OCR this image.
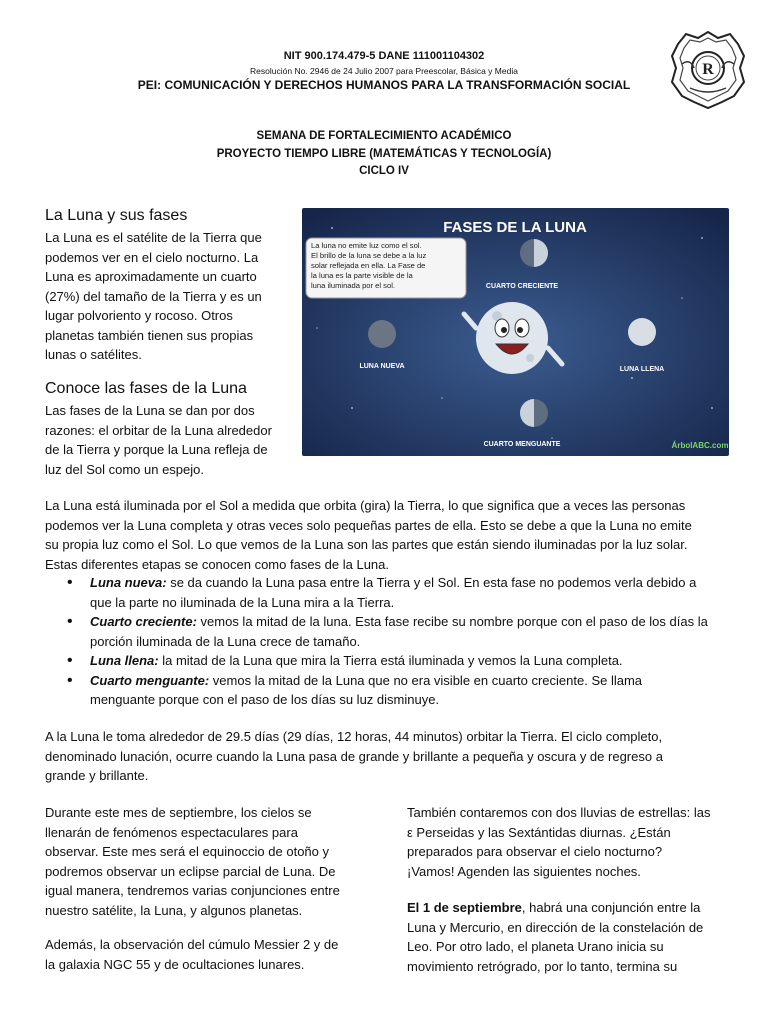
NIT 900.174.479-5 DANE 111001104302
Resolución No. 2946 de 24 Julio 2007 para Preescolar, Básica y Media
PEI: COMUNICACIÓN Y DERECHOS HUMANOS PARA LA TRANSFORMACIÓN SOCIAL
R
SEMANA DE FORTALECIMIENTO ACADÉMICO
PROYECTO TIEMPO LIBRE (MATEMÁTICAS Y TECNOLOGÍA)
CICLO IV
La Luna y sus fases
La Luna es el satélite de la Tierra que
podemos ver en el cielo nocturno. La
Luna es aproximadamente un cuarto
(27%) del tamaño de la Tierra y es un
lugar polvoriento y rocoso. Otros
planetas también tienen sus propias
lunas o satélites.
Conoce las fases de la Luna
Las fases de la Luna se dan por dos
razones: el orbitar de la Luna alrededor
de la Tierra y porque la Luna refleja de
luz del Sol como un espejo.
FASES DE LA LUNA
La luna no emite luz como el sol.
El brillo de la luna se debe a la luz
solar reflejada en ella. La Fase de
la luna es la parte visible de la
luna iluminada por el sol.	CUARTO CRECIENTE
LUNA NUEVA	LUNA LLENA
CUARTO MENGUANTE	ÁrbolABC.com
La Luna está iluminada por el Sol a medida que orbita (gira) la Tierra, lo que significa que a veces las personas
podemos ver la Luna completa y otras veces solo pequeñas partes de ella. Esto se debe a que la Luna no emite
su propia luz como el Sol. Lo que vemos de la Luna son las partes que están siendo iluminadas por la luz solar.
Estas diferentes etapas se conocen como fases de la Luna.
• Luna nueva: se da cuando la Luna pasa entre la Tierra y el Sol. En esta fase no podemos verla debido a
que la parte no iluminada de la Luna mira a la Tierra.
• Cuarto creciente: vemos la mitad de la luna. Esta fase recibe su nombre porque con el paso de los días la
porción iluminada de la Luna crece de tamaño.
• Luna llena: la mitad de la Luna que mira la Tierra está iluminada y vemos la Luna completa.
• Cuarto menguante: vemos la mitad de la Luna que no era visible en cuarto creciente. Se llama
menguante porque con el paso de los días su luz disminuye.
A la Luna le toma alrededor de 29.5 días (29 días, 12 horas, 44 minutos) orbitar la Tierra. El ciclo completo,
denominado lunación, ocurre cuando la Luna pasa de grande y brillante a pequeña y oscura y de regreso a
grande y brillante.
Durante este mes de septiembre, los cielos se
llenarán de fenómenos espectaculares para
observar. Este mes será el equinoccio de otoño y
podremos observar un eclipse parcial de Luna. De
igual manera, tendremos varias conjunciones entre
nuestro satélite, la Luna, y algunos planetas.
Además, la observación del cúmulo Messier 2 y de
la galaxia NGC 55 y de ocultaciones lunares.
También contaremos con dos lluvias de estrellas: las
ε Perseidas y las Sextántidas diurnas. ¿Están
preparados para observar el cielo nocturno?
¡Vamos! Agenden las siguientes noches.
El 1 de septiembre, habrá una conjunción entre la
Luna y Mercurio, en dirección de la constelación de
Leo. Por otro lado, el planeta Urano inicia su
movimiento retrógrado, por lo tanto, termina su
